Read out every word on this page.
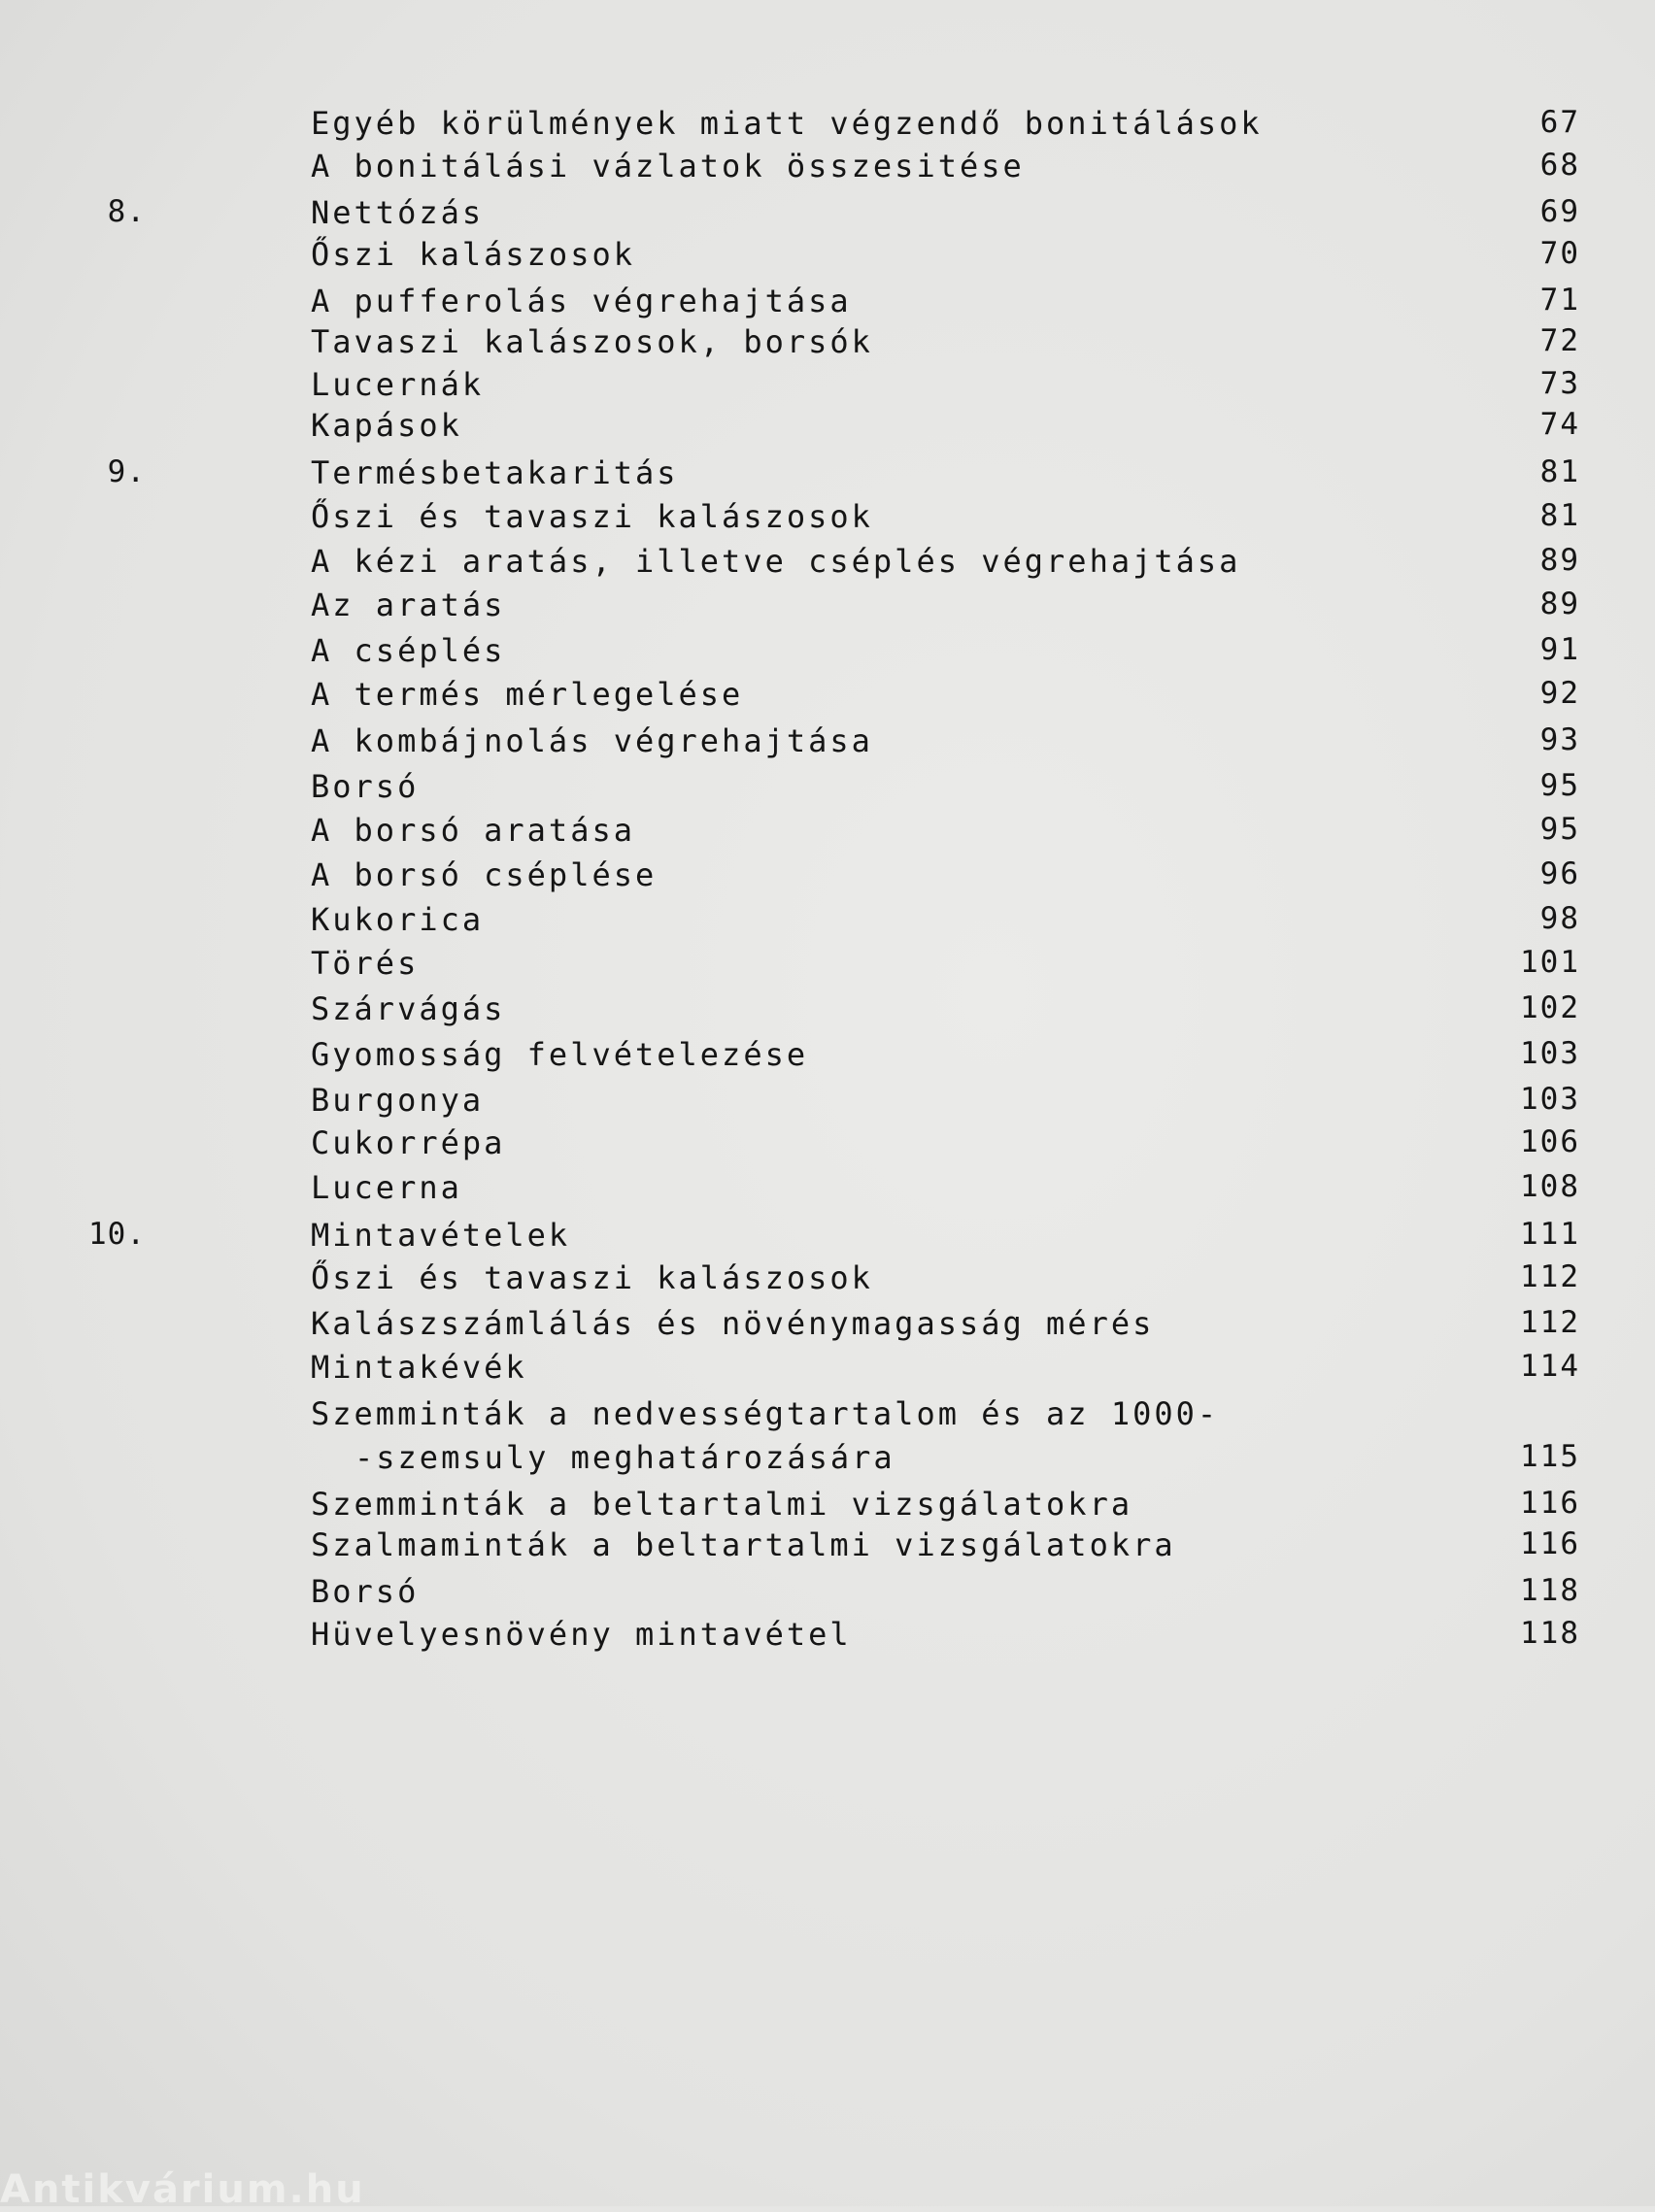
Egyéb körülmények miatt végzendő bonitálások	67
A bonitálási vázlatok összesitése	68
8.	Nettózás	69
Őszi kalászosok	70
A pufferolás végrehajtása	71
Tavaszi kalászosok, borsók	72
Lucernák	73
Kapások	74
9.	Termésbetakaritás	81
Őszi és tavaszi kalászosok	81
A kézi aratás, illetve cséplés végrehajtása	89
Az aratás	89
A cséplés	91
A termés mérlegelése	92
A kombájnolás végrehajtása	93
Borsó	95
A borsó aratása	95
A borsó cséplése	96
Kukorica	98
Törés	101
Szárvágás	102
Gyomosság felvételezése	103
Burgonya	103
Cukorrépa	106
Lucerna	108
10.	Mintavételek	111
Őszi és tavaszi kalászosok	112
Kalászszámlálás és növénymagasság mérés	112
Mintakévék	114
Szemminták a nedvességtartalom és az 1000-
-szemsuly meghatározására	115
Szemminták a beltartalmi vizsgálatokra	116
Szalmaminták a beltartalmi vizsgálatokra	116
Borsó	118
Hüvelyesnövény mintavétel	118
Antikvárium.hu
